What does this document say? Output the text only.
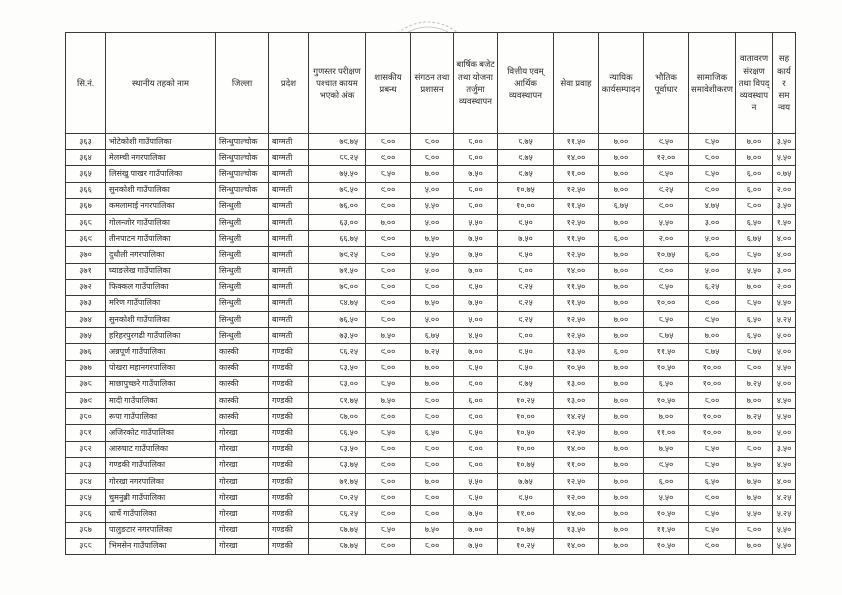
सि.नं.	स्थानीय तहको नाम	जिल्ला	प्रदेश	गुणस्तर परीक्षण पश्चात कायम भएको अंक	शासकीय प्रबन्ध	संगठन तथा प्रशासन	बार्षिक बजेट तथा योजना तर्जुमा व्यवस्थापन	वित्तीय एवम् आर्थिक व्यवस्थापन	सेवा प्रवाह	न्यायिक कार्यसम्पादन	भौतिक पूर्वाधार	सामाजिक समावेशीकरण	वातावरण संरक्षण तथा विपद् व्यवस्थापन	सहकार्य र समन्वय
३६३	भोटेकोशी गाउँपालिका	सिन्धुपाल्चोक	बाग्मती	७९.७५	८.००	८.००	८.००	८.७५	११.५०	७.००	९.५०	८.५०	७.००	३.५०
३६४	मेलम्ची नगरपालिका	सिन्धुपाल्चोक	बाग्मती	८८.२५	९.००	८.००	८.००	९.७५	१४.००	७.००	१२.००	८.००	७.००	५.५०
३६५	लिसंखु पाखर गाउँपालिका	सिन्धुपाल्चोक	बाग्मती	७५.५०	८.५०	७.००	७.५०	९.७५	११.००	७.००	९.५०	८.५०	६.००	०.७५
३६६	सुनकोशी गाउँपालिका	सिन्धुपाल्चोक	बाग्मती	७८.५०	९.००	५.००	८.००	१०.७५	१२.५०	७.००	९.२५	९.००	६.००	२.००
३६७	कमलामाई नगरपालिका	सिन्धुली	बाग्मती	७६.००	९.००	५.५०	८.००	१०.००	११.५०	६.७५	९.००	४.७५	८.००	३.५०
३६८	गोलन्जोर गाउँपालिका	सिन्धुली	बाग्मती	६३.००	७.००	५.००	५.५०	९.५०	१२.५०	७.००	५.५०	३.००	६.५०	१.५०
३६९	तीनपाटन गाउँपालिका	सिन्धुली	बाग्मती	६६.७५	९.००	७.५०	७.५०	७.५०	११.५०	६.००	२.००	५.००	६.७५	४.००
३७०	दुधौली नगरपालिका	सिन्धुली	बाग्मती	७९.२५	८.००	५.५०	७.५०	९.५०	१२.५०	७.००	१०.७५	६.००	८.५०	४.००
३७१	घ्याङलेख गाउँपालिका	सिन्धुली	बाग्मती	७१.५०	८.००	५.००	७.००	८.००	१४.००	७.००	९.००	५.००	५.५०	३.००
३७२	फिक्कल गाउँपालिका	सिन्धुली	बाग्मती	७८.००	८.००	८.००	९.५०	९.२५	११.५०	७.००	९.५०	६.२५	७.००	२.००
३७३	मरिण गाउँपालिका	सिन्धुली	बाग्मती	८४.७५	९.००	७.५०	७.५०	९.२५	११.५०	७.००	१०.००	९.००	८.५०	५.५०
३७४	सुनकोशी गाउँपालिका	सिन्धुली	बाग्मती	७६.५०	८.००	५.००	५.००	९.२५	१२.५०	७.००	८.५०	९.५०	६.५०	५.२५
३७५	हरिहरपुरगढी गाउँपालिका	सिन्धुली	बाग्मती	७३.५०	७.५०	६.७५	४.५०	८.००	१२.५०	७.००	८.७५	७.००	६.५०	५.००
३७६	अन्नपूर्ण गाउँपालिका	कास्की	गण्डकी	८६.२५	९.००	७.२५	७.००	९.५०	१३.५०	६.००	११.५०	८.७५	८.७५	५.००
३७७	पोखरा महानगरपालिका	कास्की	गण्डकी	८३.५०	८.००	७.००	८.५०	८.५०	१०.५०	७.००	१०.५०	१०.००	८.००	५.५०
३७८	माछापुच्छ्रे गाउँपालिका	कास्की	गण्डकी	८३.००	८.५०	७.००	९.००	९.७५	१३.००	७.००	६.५०	१०.००	७.२५	५.००
३७९	मादी गाउँपालिका	कास्की	गण्डकी	८१.७५	७.५०	८.००	६.००	१०.२५	१३.००	७.००	१०.५०	८.००	७.००	४.५०
३८०	रूपा गाउँपालिका	कास्की	गण्डकी	८७.००	९.००	८.००	९.००	१०.००	१४.२५	७.००	७.००	१०.००	७.२५	५.५०
३८१	अजिरकोट गाउँपालिका	गोरखा	गण्डकी	८६.५०	८.५०	६.५०	८.५०	१०.५०	१२.५०	७.००	११.००	१०.००	७.००	५.००
३८२	आरुघाट गाउँपालिका	गोरखा	गण्डकी	८३.५०	८.००	८.००	९.००	१०.००	१४.००	७.००	७.५०	८.५०	८.००	३.५०
३८३	गण्डकी गाउँपालिका	गोरखा	गण्डकी	८३.७५	९.००	८.००	८.००	१०.७५	११.००	७.००	९.५०	८.५०	७.५०	४.५०
३८४	गोरखा नगरपालिका	गोरखा	गण्डकी	७१.७५	८.००	७.००	५.५०	७.७५	१२.५०	७.००	६.००	६.५०	७.५०	४.००
३८५	चुमनुब्री गाउँपालिका	गोरखा	गण्डकी	८०.२५	९.००	८.००	८.५०	९.५०	१२.००	७.००	५.५०	९.००	७.५०	४.२५
३८६	धार्चे गाउँपालिका	गोरखा	गण्डकी	८६.२५	९.००	८.००	७.५०	११.००	१४.००	७.००	१०.५०	८.५०	५.५०	५.२५
३८७	पालुङटार नगरपालिका	गोरखा	गण्डकी	८७.७५	८.५०	७.५०	७.००	१०.७५	१३.५०	७.००	११.५०	८.५०	८.००	५.५०
३८८	भिमसेन गाउँपालिका	गोरखा	गण्डकी	८७.७५	९.००	८.००	७.५०	१०.२५	१४.००	७.००	१०.५०	९.००	७.००	५.५०
